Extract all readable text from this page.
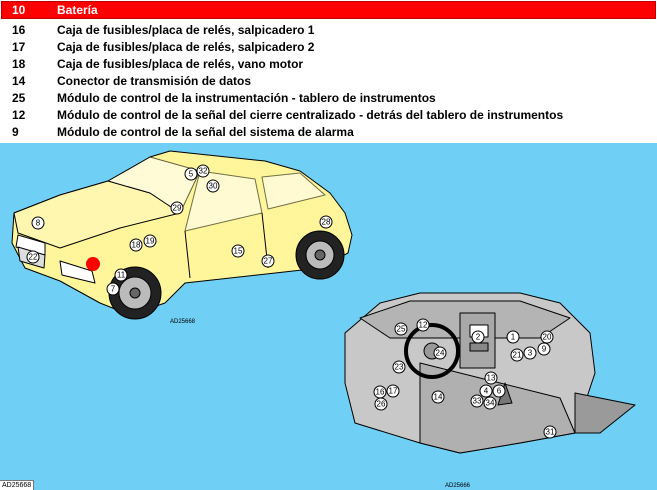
10	Batería
16	Caja de fusibles/placa de relés, salpicadero 1
17	Caja de fusibles/placa de relés, salpicadero 2
18	Caja de fusibles/placa de relés, vano motor
14	Conector de transmisión de datos
25	Módulo de control de la instrumentación - tablero de instrumentos
12	Módulo de control de la señal del cierre centralizado - detrás del tablero de instrumentos
9	Módulo de control de la señal del sistema de alarma
5 32
29
30
8	28
18 19
15
22	27
11
7
25 12
2	1	20
21 3 9
24
23
13
16 17
26
14
4 6
33 34
31
AD25668
AD25666
AD25668
